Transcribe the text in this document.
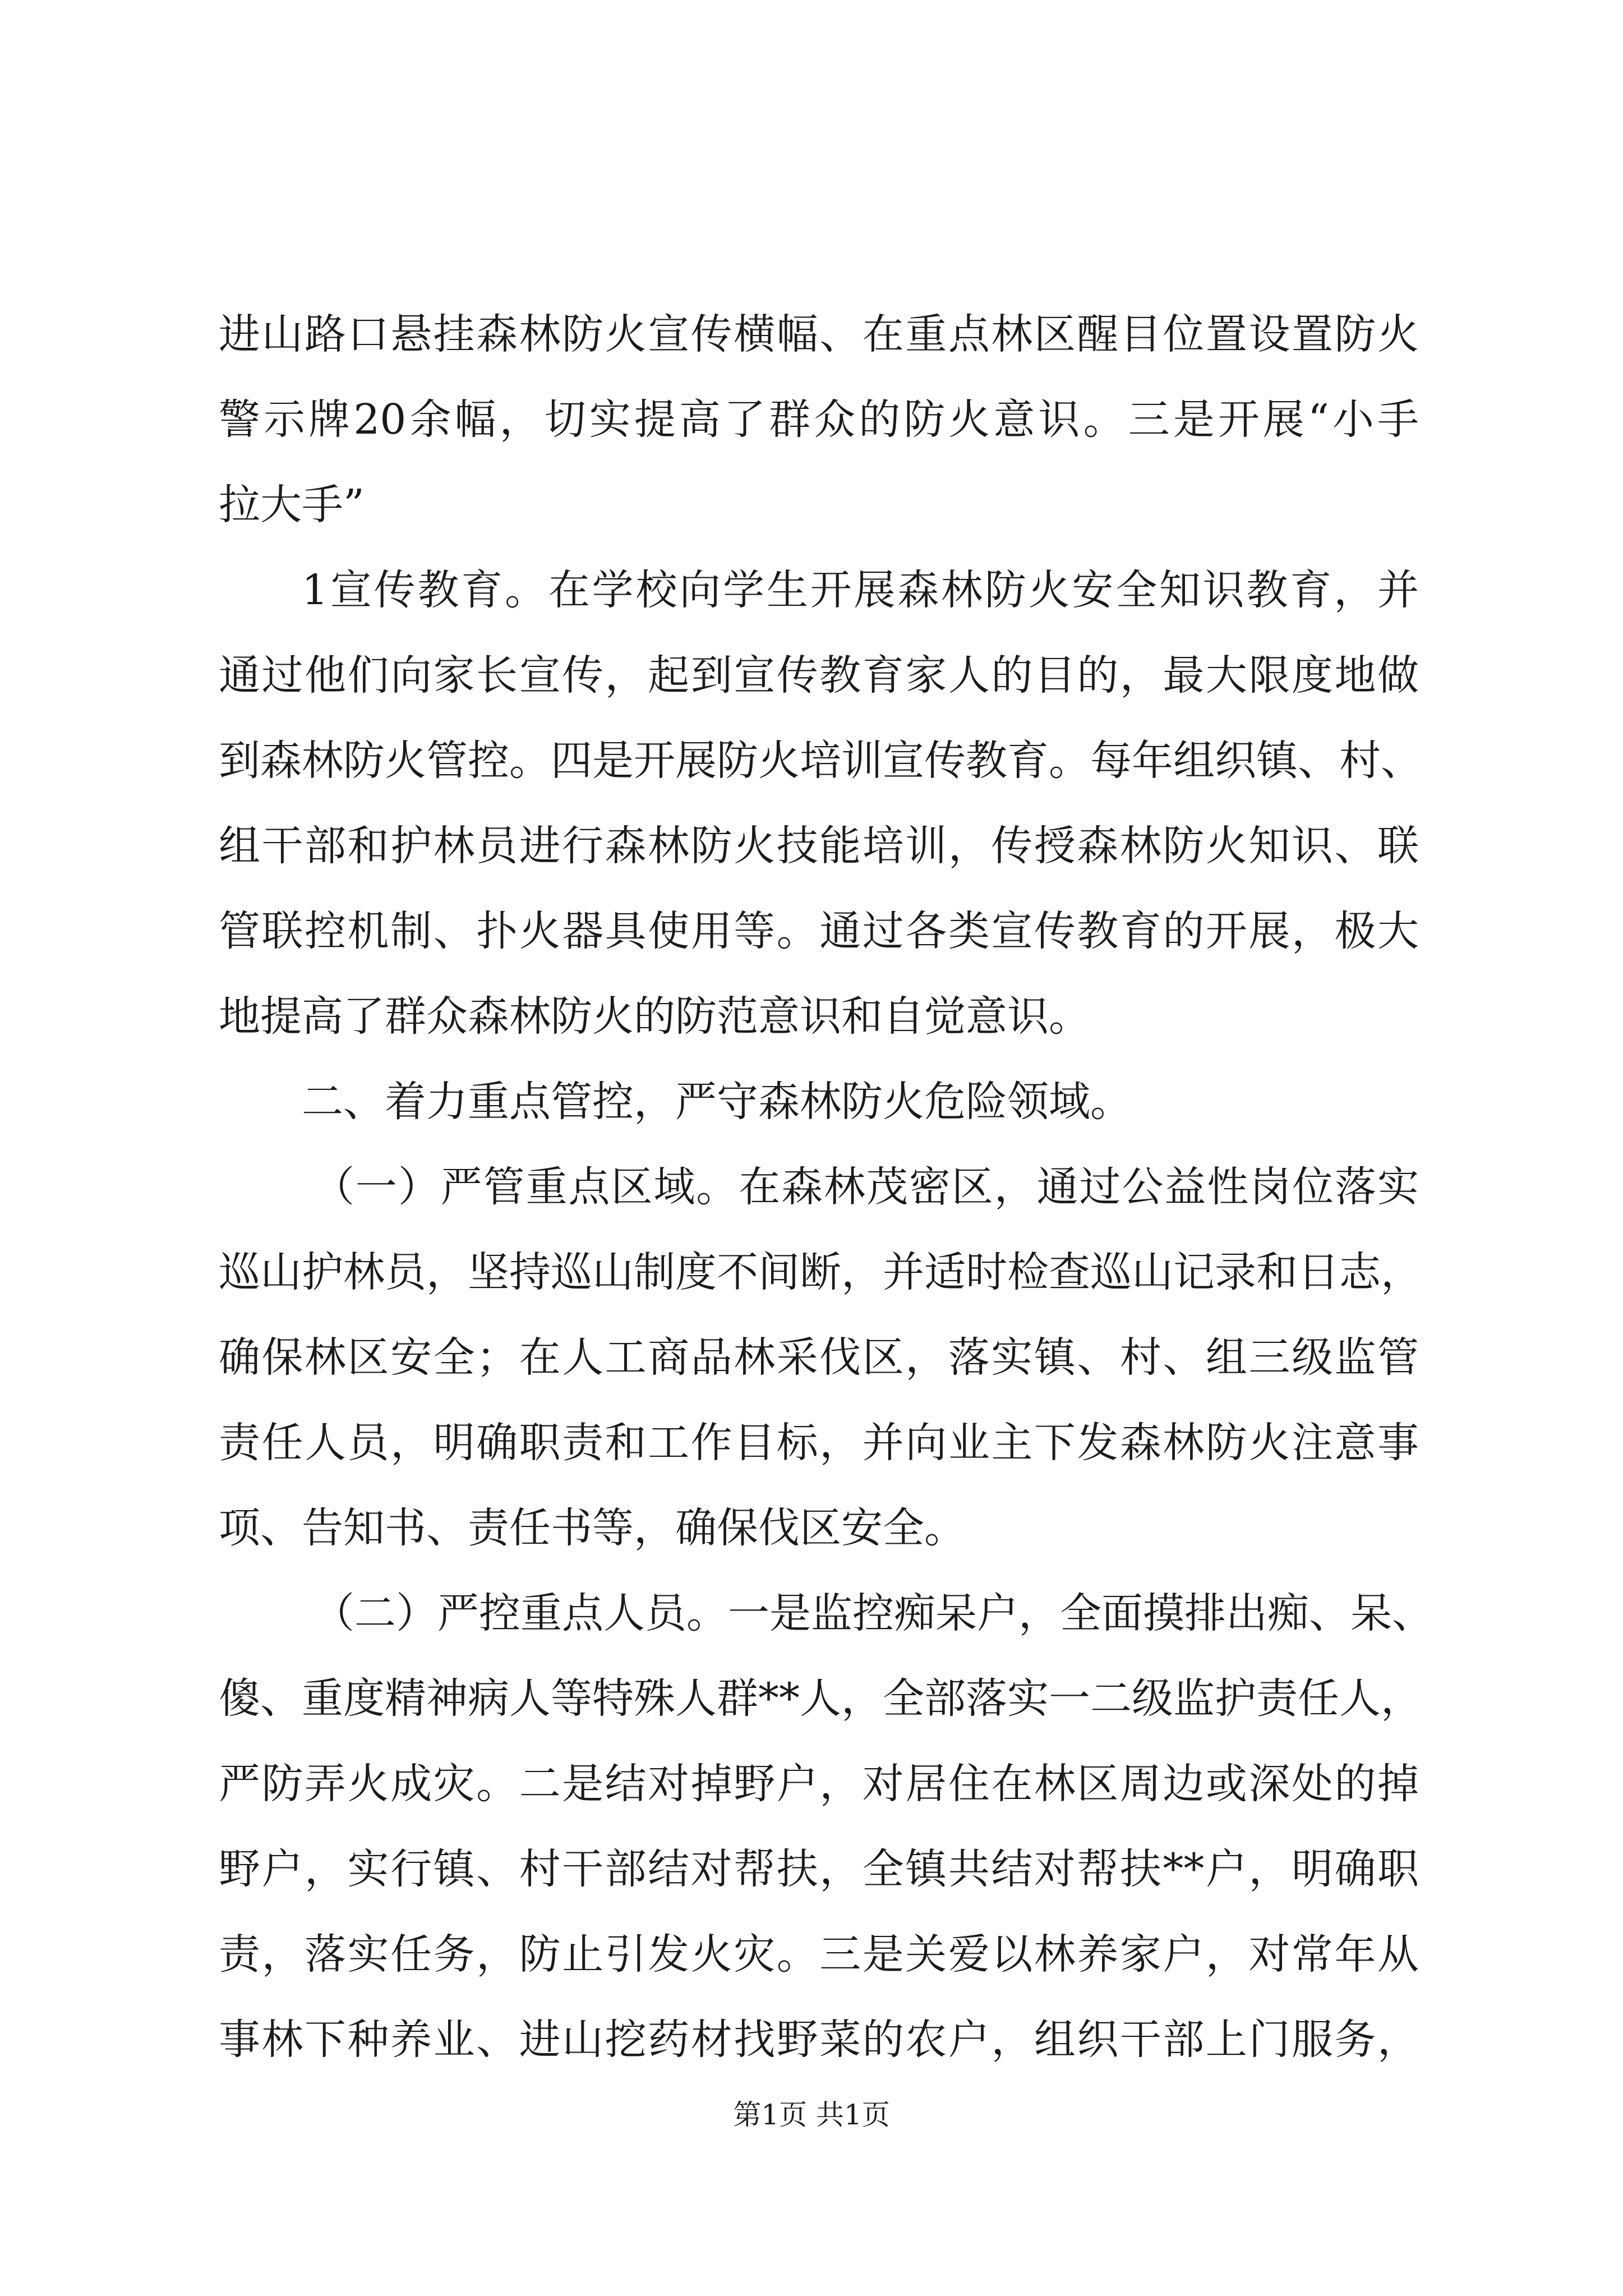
进山路口悬挂森林防火宣传横幅、在重点林区醒目位置设置防火
警示牌20余幅，切实提高了群众的防火意识。三是开展“小手
拉大手”
1宣传教育。在学校向学生开展森林防火安全知识教育，并
通过他们向家长宣传，起到宣传教育家人的目的，最大限度地做
到森林防火管控。四是开展防火培训宣传教育。每年组织镇、村、
组干部和护林员进行森林防火技能培训，传授森林防火知识、联
管联控机制、扑火器具使用等。通过各类宣传教育的开展，极大
地提高了群众森林防火的防范意识和自觉意识。
二、着力重点管控，严守森林防火危险领域。
（一）严管重点区域。在森林茂密区，通过公益性岗位落实
巡山护林员，坚持巡山制度不间断，并适时检查巡山记录和日志，
确保林区安全；在人工商品林采伐区，落实镇、村、组三级监管
责任人员，明确职责和工作目标，并向业主下发森林防火注意事
项、告知书、责任书等，确保伐区安全。
（二）严控重点人员。一是监控痴呆户，全面摸排出痴、呆、
傻、重度精神病人等特殊人群**人，全部落实一二级监护责任人，
严防弄火成灾。二是结对掉野户，对居住在林区周边或深处的掉
野户，实行镇、村干部结对帮扶，全镇共结对帮扶**户，明确职
责，落实任务，防止引发火灾。三是关爱以林养家户，对常年从
事林下种养业、进山挖药材找野菜的农户，组织干部上门服务，
第1页 共1页
